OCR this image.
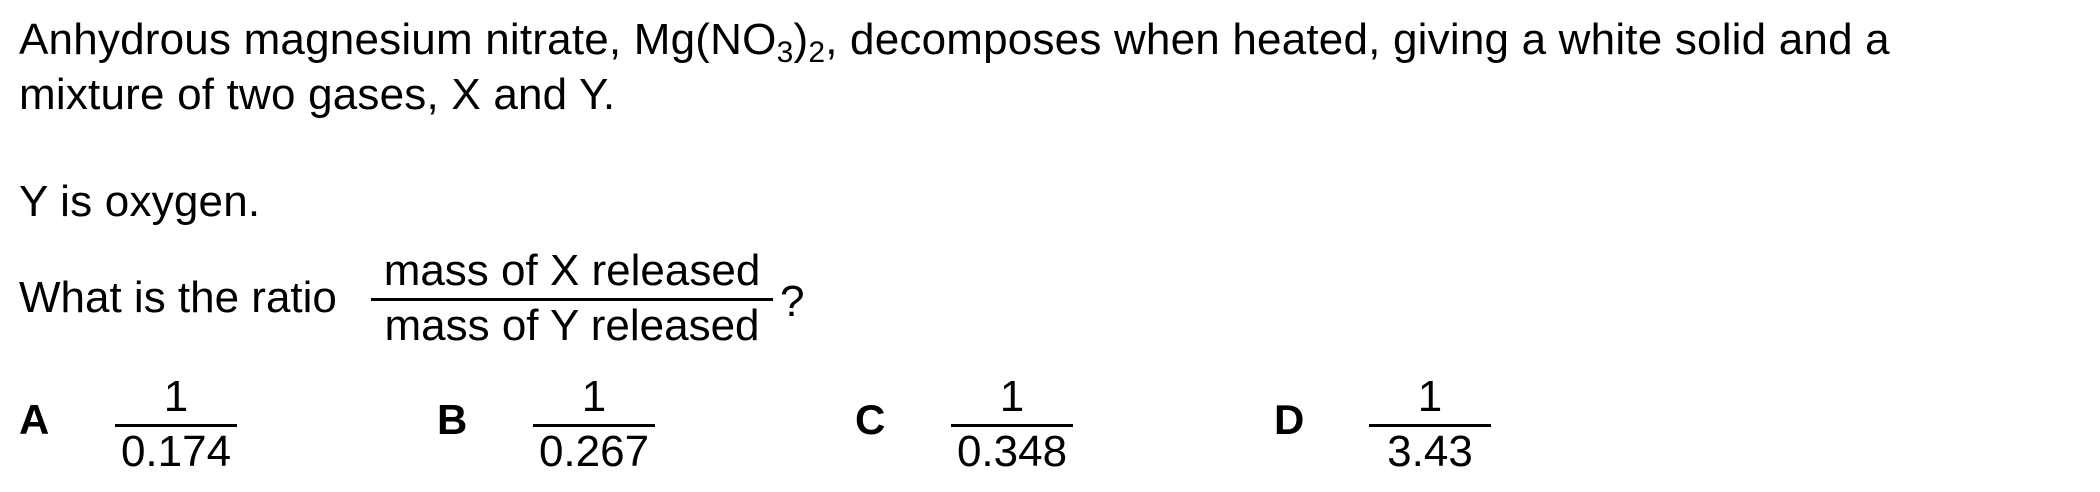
Anhydrous magnesium nitrate, $Mg(NO_3)_2$, decomposes when heated, giving a white solid and a
mixture of two gases, X and Y.
Y is oxygen.
What is the ratio
mass of X released
mass of Y released ?
A	1
0.174
B	1
0.267
C	1
0.348
D	1
3.43
